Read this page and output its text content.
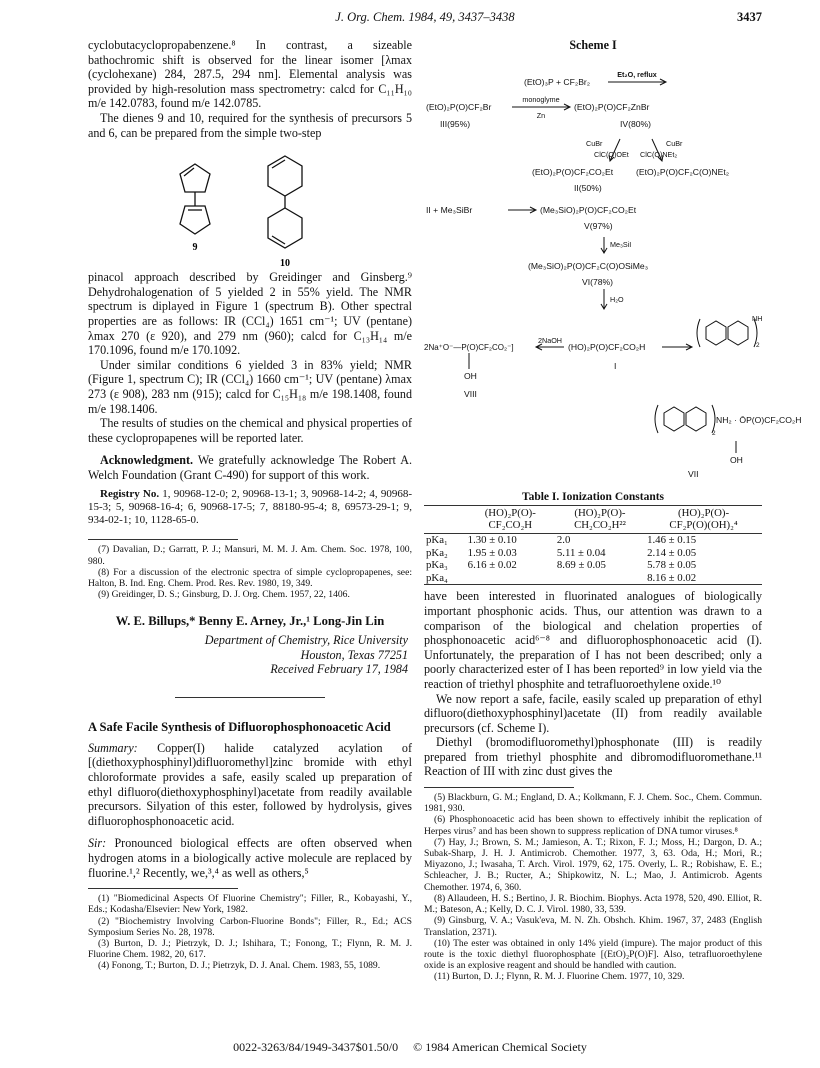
J. Org. Chem. 1984, 49, 3437–3438	3437

cyclobutacyclopropabenzene.⁸ In contrast, a sizeable bathochromic shift is observed for the linear isomer [λmax (cyclohexane) 284, 287.5, 294 nm]. Elemental analysis was provided by high-resolution mass spectrometry: calcd for C₁₁H₁₀ m/e 142.0783, found m/e 142.0785.

The dienes 9 and 10, required for the synthesis of precursors 5 and 6, can be prepared from the simple two-step

9
10

pinacol approach described by Greidinger and Ginsberg.⁹ Dehydrohalogenation of 5 yielded 2 in 55% yield. The NMR spectrum is diplayed in Figure 1 (spectrum B). Other spectral properties are as follows: IR (CCl₄) 1651 cm⁻¹; UV (pentane) λmax 270 (ε 920), and 279 nm (960); calcd for C₁₃H₁₄ m/e 170.1096, found m/e 170.1092.

Under similar conditions 6 yielded 3 in 83% yield; NMR (Figure 1, spectrum C); IR (CCl₄) 1660 cm⁻¹; UV (pentane) λmax 273 (ε 908), 283 nm (915); calcd for C₁₅H₁₈ m/e 198.1408, found m/e 198.1406.

The results of studies on the chemical and physical properties of these cyclopropapenes will be reported later.

Acknowledgment. We gratefully acknowledge The Robert A. Welch Foundation (Grant C-490) for support of this work.

Registry No. 1, 90968-12-0; 2, 90968-13-1; 3, 90968-14-2; 4, 90968-15-3; 5, 90968-16-4; 6, 90968-17-5; 7, 88180-95-4; 8, 69573-29-1; 9, 934-02-1; 10, 1128-65-0.

(7) Davalian, D.; Garratt, P. J.; Mansuri, M. M. J. Am. Chem. Soc. 1978, 100, 980.

(8) For a discussion of the electronic spectra of simple cyclopropapenes, see: Halton, B. Ind. Eng. Chem. Prod. Res. Rev. 1980, 19, 349.

(9) Greidinger, D. S.; Ginsburg, D. J. Org. Chem. 1957, 22, 1406.

W. E. Billups,* Benny E. Arney, Jr.,¹ Long-Jin Lin

Department of Chemistry, Rice University

Houston, Texas 77251

Received February 17, 1984

A Safe Facile Synthesis of Difluorophosphonoacetic Acid

Summary: Copper(I) halide catalyzed acylation of [(diethoxyphosphinyl)difluoromethyl]zinc bromide with ethyl chloroformate provides a safe, easily scaled up preparation of ethyl difluoro(diethoxyphosphinyl)acetate from readily available precursors. Silyation of this ester, followed by hydrolysis, gives difluorophosphonoacetic acid.

Sir: Pronounced biological effects are often observed when hydrogen atoms in a biologically active molecule are replaced by fluorine.¹,² Recently, we,³,⁴ as well as others,⁵

(1) "Biomedicinal Aspects Of Fluorine Chemistry"; Filler, R., Kobayashi, Y., Eds.; Kodasha/Elsevier: New York, 1982.

(2) "Biochemistry Involving Carbon-Fluorine Bonds"; Filler, R., Ed.; ACS Symposium Series No. 28, 1978.

(3) Burton, D. J.; Pietrzyk, D. J.; Ishihara, T.; Fonong, T.; Flynn, R. M. J. Fluorine Chem. 1982, 20, 617.

(4) Fonong, T.; Burton, D. J.; Pietrzyk, D. J. Anal. Chem. 1983, 55, 1089.

Scheme I

(EtO)₃P + CF₂Br₂
Et₂O, reflux
(EtO)₂P(O)CF₂Br
monoglyme
Zn
(EtO)₂P(O)CF₂ZnBr
III(95%)	IV(80%)
CuBr
ClC(O)OEt ClC(O)NEt₂
CuBr
(EtO)₂P(O)CF₂CO₂Et	(EtO)₂P(O)CF₂C(O)NEt₂
II(50%)
II + Me₃SiBr	(Me₃SiO)₂P(O)CF₂CO₂Et
V(97%)
Me₃SiI
(Me₃SiO)₂P(O)CF₂C(O)OSiMe₃
VI(78%)
H₂O
2Na⁺O⁻—P(O)CF₂CO₂⁻]
2NaOH
(HO)₂P(O)CF₂CO₂H
I
OH
VIII
NH
2
NH₂ · ŌP(O)CF₂CO₂H
2
OH
VII

Table I. Ionization Constants

	(HO)₂P(O)-
CF₂CO₂H	(HO)₂P(O)-
CH₂CO₂H²²	(HO)₂P(O)-
CF₂P(O)(OH)₂⁴
pKa₁	1.30 ± 0.10	2.0	1.46 ± 0.15
pKa₂	1.95 ± 0.03	5.11 ± 0.04	2.14 ± 0.05
pKa₃	6.16 ± 0.02	8.69 ± 0.05	5.78 ± 0.05
pKa₄			8.16 ± 0.02

have been interested in fluorinated analogues of biologically important phosphonic acids. Thus, our attention was drawn to a comparison of the biological and chelation properties of phosphonoacetic acid⁶⁻⁸ and difluorophosphonoacetic acid (I). Unfortunately, the preparation of I has not been described; only a poorly characterized ester of I has been reported⁹ in low yield via the reaction of triethyl phosphite and tetrafluoroethylene oxide.¹⁰

We now report a safe, facile, easily scaled up preparation of ethyl difluoro(diethoxyphosphinyl)acetate (II) from readily available precursors (cf. Scheme I).

Diethyl (bromodifluoromethyl)phosphonate (III) is readily prepared from triethyl phosphite and dibromodifluoromethane.¹¹ Reaction of III with zinc dust gives the

(5) Blackburn, G. M.; England, D. A.; Kolkmann, F. J. Chem. Soc., Chem. Commun. 1981, 930.

(6) Phosphonoacetic acid has been shown to effectively inhibit the replication of Herpes virus⁷ and has been shown to suppress replication of DNA tumor viruses.⁸

(7) Hay, J.; Brown, S. M.; Jamieson, A. T.; Rixon, F. J.; Moss, H.; Dargon, D. A.; Subak-Sharp, J. H. J. Antimicrob. Chemother. 1977, 3, 63. Oda, H.; Mori, R.; Miyazono, J.; Iwasaha, T. Arch. Virol. 1979, 62, 175. Overly, L. R.; Robishaw, E. E.; Schleacher, J. B.; Ructer, A.; Shipkowitz, N. L.; Mao, J. Antimicrob. Agents Chemother. 1974, 6, 360.

(8) Allaudeen, H. S.; Bertino, J. R. Biochim. Biophys. Acta 1978, 520, 490. Elliot, R. M.; Bateson, A.; Kelly, D. C. J. Virol. 1980, 33, 539.

(9) Ginsburg, V. A.; Vasuk'eva, M. N. Zh. Obshch. Khim. 1967, 37, 2483 (English Translation, 2371).

(10) The ester was obtained in only 14% yield (impure). The major product of this route is the toxic diethyl fluorophosphate [(EtO)₂P(O)F]. Also, tetrafluoroethylene oxide is an explosive reagent and should be handled with caution.

(11) Burton, D. J.; Flynn, R. M. J. Fluorine Chem. 1977, 10, 329.

0022-3263/84/1949-3437$01.50/0 © 1984 American Chemical Society
